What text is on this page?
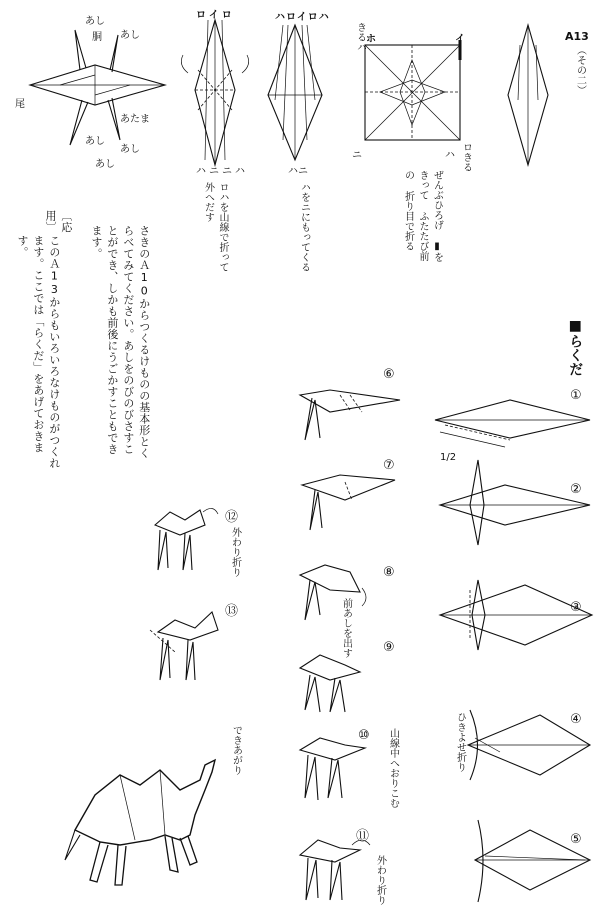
A13
（その二）
あし
あし
胴
尾
あたま
あし
あし
あし
ロイロ
ハニニハ
ハロイロハ
ハニ
ホ	イ
きるハ
ロきる
ニ	ハ
ロハを山線で折って外へだす	ハをニにもってくる	ぜんぶひろげ ▮をきって ふたたび前の 折り目で折る
さきのＡ10からつくるけものの基本形とくらべてみてください。あしをのびのびさすことができ、しかも前後にうごかすこともできます。
〔応用〕
このＡ13からもいろいろなけものがつくれます。ここでは「らくだ」をあげておきます。
■らくだ
①
②
③
④
⑤
⑥
⑦
⑧
⑨
⑩
⑪
⑫
⑬
1/2
ひきよせ折り
前あしを出す
山線中へおりこむ
外わり折り
外わり折り
できあがり
